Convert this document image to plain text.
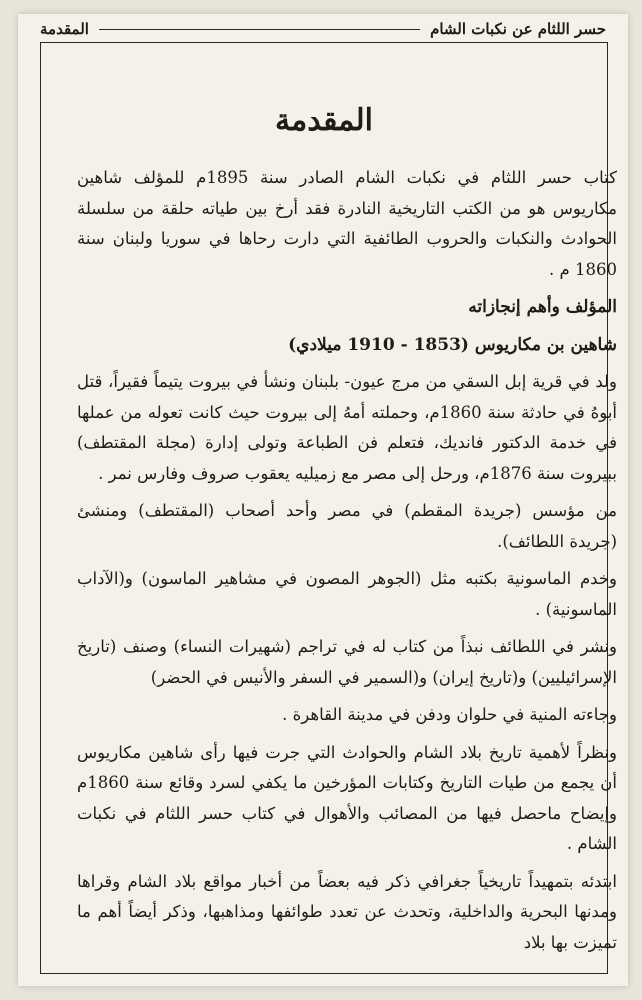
حسر اللثام عن نكبات الشام
المقدمة
المقدمة

كتاب حسر اللثام في نكبات الشام الصادر سنة 1895م للمؤلف شاهين مكاريوس هو من الكتب التاريخية النادرة فقد أرخ بين طياته حلقة من سلسلة الحوادث والنكبات والحروب الطائفية التي دارت رحاها في سوريا ولبنان سنة 1860 م .

المؤلف وأهم إنجازاته
شاهين بن مكاريوس (1853 - 1910 ميلادي)

ولد في قرية إبل السقي من مرج عيون- بلبنان ونشأ في بيروت يتيماً فقيراً، قتل أبوهُ في حادثة سنة 1860م، وحملته أمهُ إلى بيروت حيث كانت تعوله من عملها في خدمة الدكتور فانديك، فتعلم فن الطباعة وتولى إدارة (مجلة المقتطف) ببيروت سنة 1876م، ورحل إلى مصر مع زميليه يعقوب صروف وفارس نمر .

من مؤسس (جريدة المقطم) في مصر وأحد أصحاب (المقتطف) ومنشئ (جريدة اللطائف).

وخدم الماسونية بكتبه مثل (الجوهر المصون في مشاهير الماسون) و(الآداب الماسونية) .

ونشر في اللطائف نبذاً من كتاب له في تراجم (شهيرات النساء) وصنف (تاريخ الإسرائيليين) و(تاريخ إيران) و(السمير في السفر والأنيس في الحضر)

وجاءته المنية في حلوان ودفن في مدينة القاهرة .

ونظراً لأهمية تاريخ بلاد الشام والحوادث التي جرت فيها رأى شاهين مكاريوس أن يجمع من طيات التاريخ وكتابات المؤرخين ما يكفي لسرد وقائع سنة 1860م وإيضاح ماحصل فيها من المصائب والأهوال في كتاب حسر اللثام في نكبات الشام .

ابتدئه بتمهيداً تاريخياً جغرافي ذكر فيه بعضاً من أخبار مواقع بلاد الشام وقراها ومدنها البحرية والداخلية، وتحدث عن تعدد طوائفها ومذاهبها، وذكر أيضاً أهم ما تميزت بها بلاد
